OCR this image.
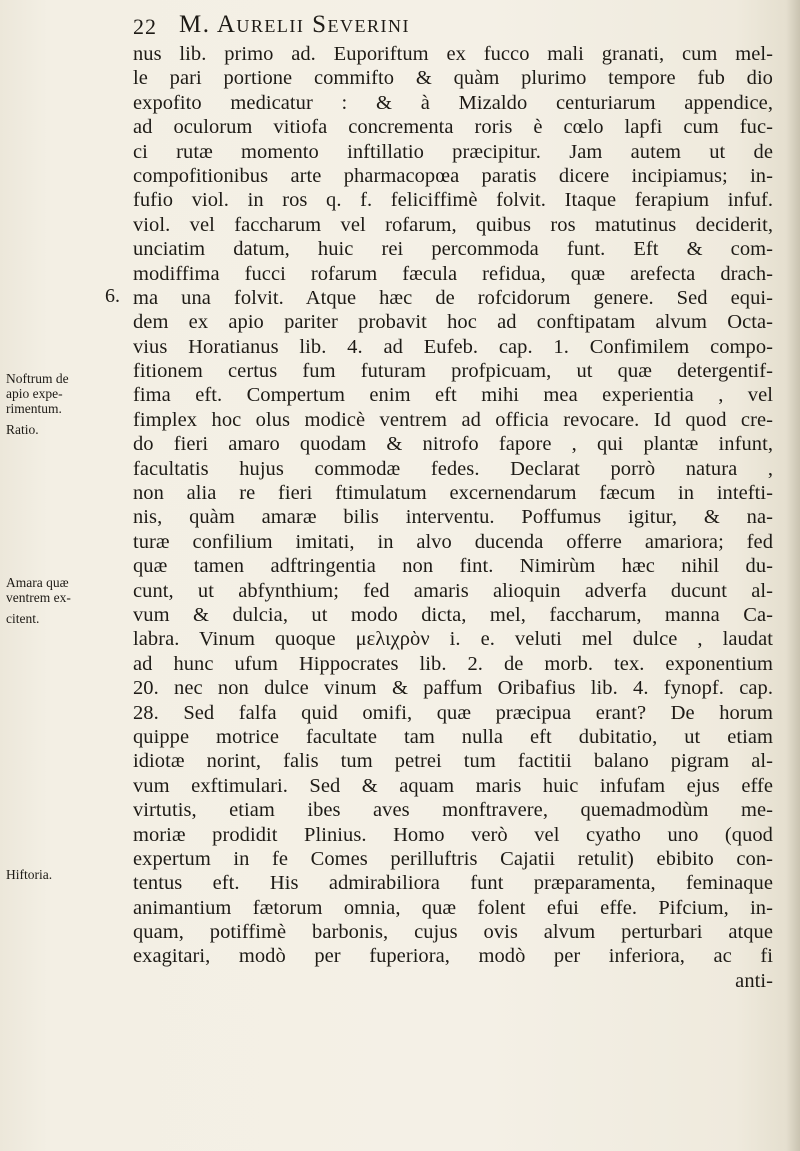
22 M. Aurelii Severini
6.
Noftrum de
apio expe-
rimentum.
Ratio.
Amara quæ
ventrem ex-
citent.
Hiftoria.
nus lib. primo ad. Euporiftum ex fucco mali granati, cum mel-
le pari portione commifto & quàm plurimo tempore fub dio
expofito medicatur : & à Mizaldo centuriarum appendice,
ad oculorum vitiofa concrementa roris è cœlo lapfi cum fuc-
ci rutæ momento inftillatio præcipitur. Jam autem ut de
compofitionibus arte pharmacopœa paratis dicere incipiamus; in-
fufio viol. in ros q. f. feliciffimè folvit. Itaque ferapium infuf.
viol. vel faccharum vel rofarum, quibus ros matutinus deciderit,
unciatim datum, huic rei percommoda funt. Eft & com-
modiffima fucci rofarum fæcula refidua, quæ arefecta drach-
ma una folvit. Atque hæc de rofcidorum genere. Sed equi-
dem ex apio pariter probavit hoc ad conftipatam alvum Octa-
vius Horatianus lib. 4. ad Eufeb. cap. 1. Confimilem compo-
fitionem certus fum futuram profpicuam, ut quæ detergentif-
fima eft. Compertum enim eft mihi mea experientia , vel
fimplex hoc olus modicè ventrem ad officia revocare. Id quod cre-
do fieri amaro quodam & nitrofo fapore , qui plantæ infunt,
facultatis hujus commodæ fedes. Declarat porrò natura ,
non alia re fieri ftimulatum excernendarum fæcum in intefti-
nis, quàm amaræ bilis interventu. Poffumus igitur, & na-
turæ confilium imitati, in alvo ducenda offerre amariora; fed
quæ tamen adftringentia non fint. Nimirùm hæc nihil du-
cunt, ut abfynthium; fed amaris alioquin adverfa ducunt al-
vum & dulcia, ut modo dicta, mel, faccharum, manna Ca-
labra. Vinum quoque μελιχρὸν i. e. veluti mel dulce , laudat
ad hunc ufum Hippocrates lib. 2. de morb. tex. exponentium
20. nec non dulce vinum & paffum Oribafius lib. 4. fynopf. cap.
28. Sed falfa quid omifi, quæ præcipua erant? De horum
quippe motrice facultate tam nulla eft dubitatio, ut etiam
idiotæ norint, falis tum petrei tum factitii balano pigram al-
vum exftimulari. Sed & aquam maris huic infufam ejus effe
virtutis, etiam ibes aves monftravere, quemadmodùm me-
moriæ prodidit Plinius. Homo verò vel cyatho uno (quod
expertum in fe Comes perilluftris Cajatii retulit) ebibito con-
tentus eft. His admirabiliora funt præparamenta, feminaque
animantium fætorum omnia, quæ folent efui effe. Pifcium, in-
quam, potiffimè barbonis, cujus ovis alvum perturbari atque
exagitari, modò per fuperiora, modò per inferiora, ac fi
anti-
